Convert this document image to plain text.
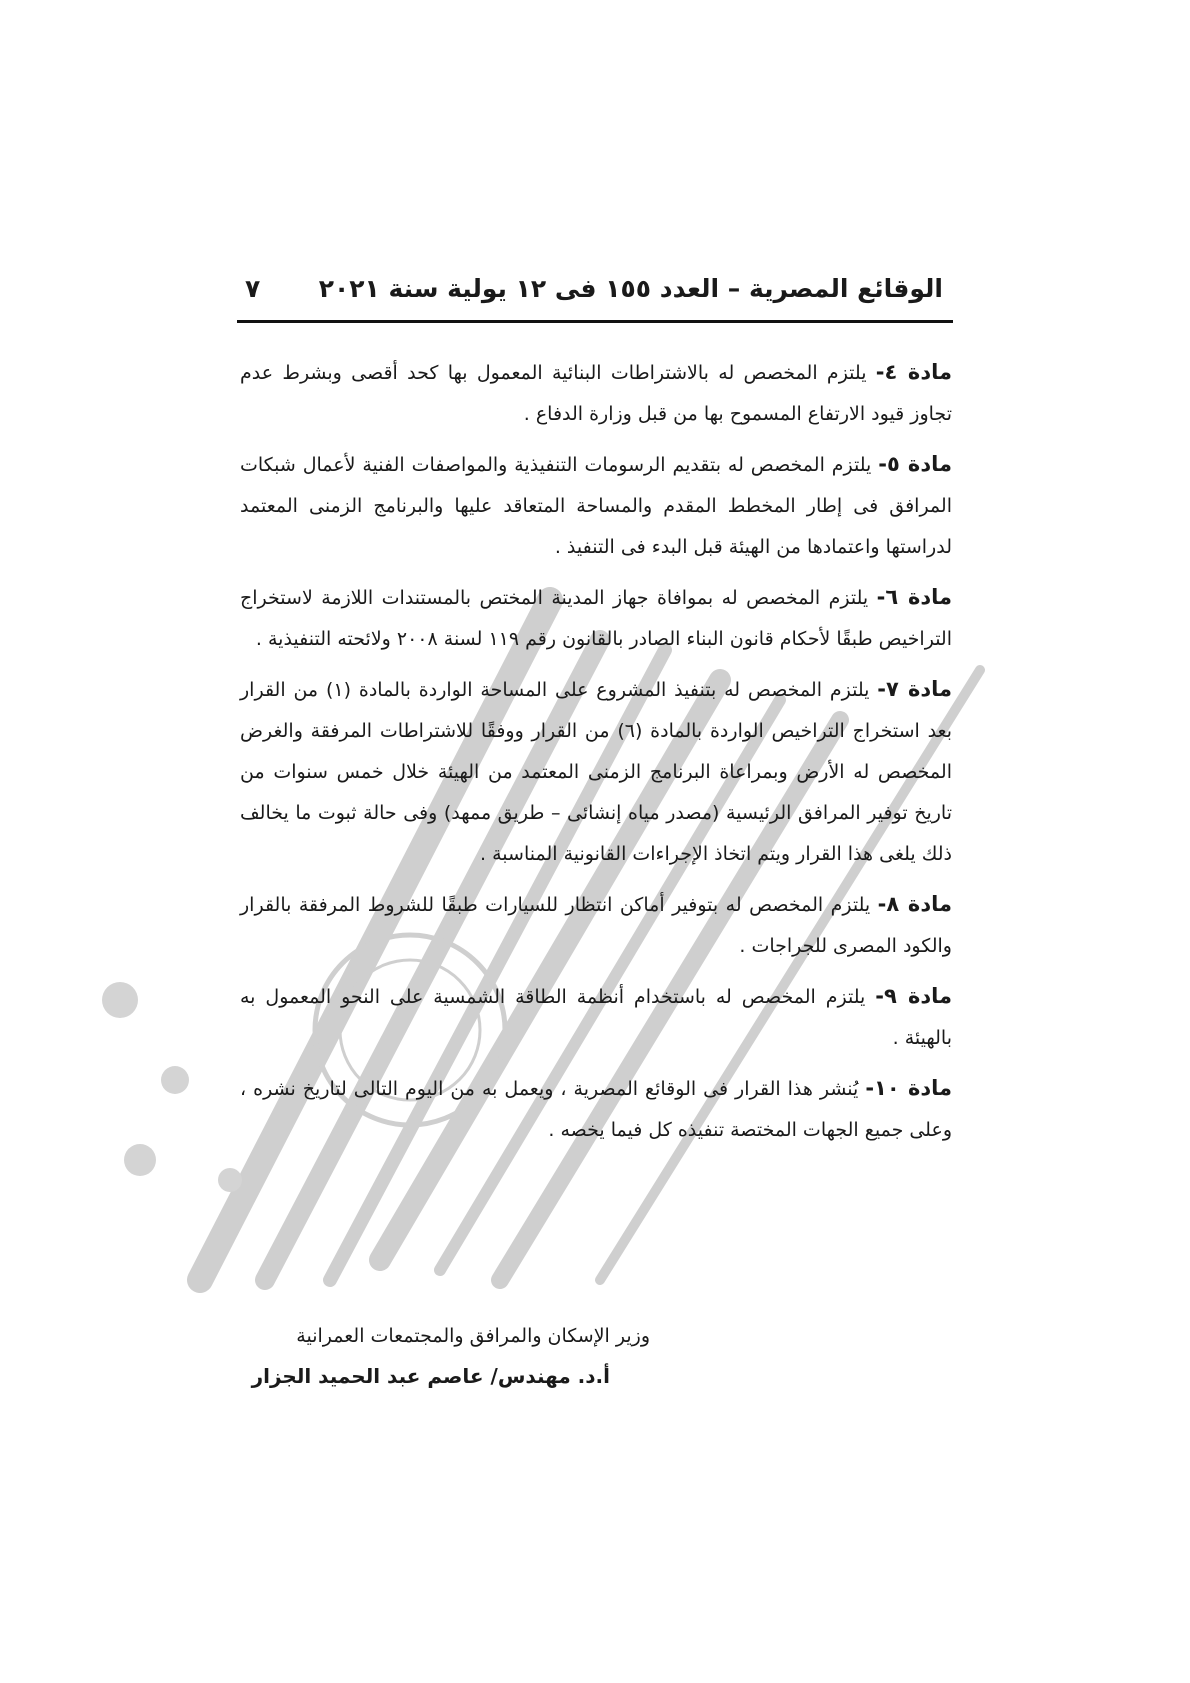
الوقائع المصرية – العدد ١٥٥ فى ١٢ يولية سنة ٢٠٢١
٧

مادة ٤- يلتزم المخصص له بالاشتراطات البنائية المعمول بها كحد أقصى وبشرط عدم تجاوز قيود الارتفاع المسموح بها من قبل وزارة الدفاع .

مادة ٥- يلتزم المخصص له بتقديم الرسومات التنفيذية والمواصفات الفنية لأعمال شبكات المرافق فى إطار المخطط المقدم والمساحة المتعاقد عليها والبرنامج الزمنى المعتمد لدراستها واعتمادها من الهيئة قبل البدء فى التنفيذ .

مادة ٦- يلتزم المخصص له بموافاة جهاز المدينة المختص بالمستندات اللازمة لاستخراج التراخيص طبقًا لأحكام قانون البناء الصادر بالقانون رقم ١١٩ لسنة ٢٠٠٨ ولائحته التنفيذية .

مادة ٧- يلتزم المخصص له بتنفيذ المشروع على المساحة الواردة بالمادة (١) من القرار بعد استخراج التراخيص الواردة بالمادة (٦) من القرار ووفقًا للاشتراطات المرفقة والغرض المخصص له الأرض وبمراعاة البرنامج الزمنى المعتمد من الهيئة خلال خمس سنوات من تاريخ توفير المرافق الرئيسية (مصدر مياه إنشائى – طريق ممهد) وفى حالة ثبوت ما يخالف ذلك يلغى هذا القرار ويتم اتخاذ الإجراءات القانونية المناسبة .

مادة ٨- يلتزم المخصص له بتوفير أماكن انتظار للسيارات طبقًا للشروط المرفقة بالقرار والكود المصرى للجراجات .

مادة ٩- يلتزم المخصص له باستخدام أنظمة الطاقة الشمسية على النحو المعمول به بالهيئة .

مادة ١٠- يُنشر هذا القرار فى الوقائع المصرية ، ويعمل به من اليوم التالى لتاريخ نشره ، وعلى جميع الجهات المختصة تنفيذه كل فيما يخصه .

وزير الإسكان والمرافق والمجتمعات العمرانية
أ.د. مهندس/ عاصم عبد الحميد الجزار
